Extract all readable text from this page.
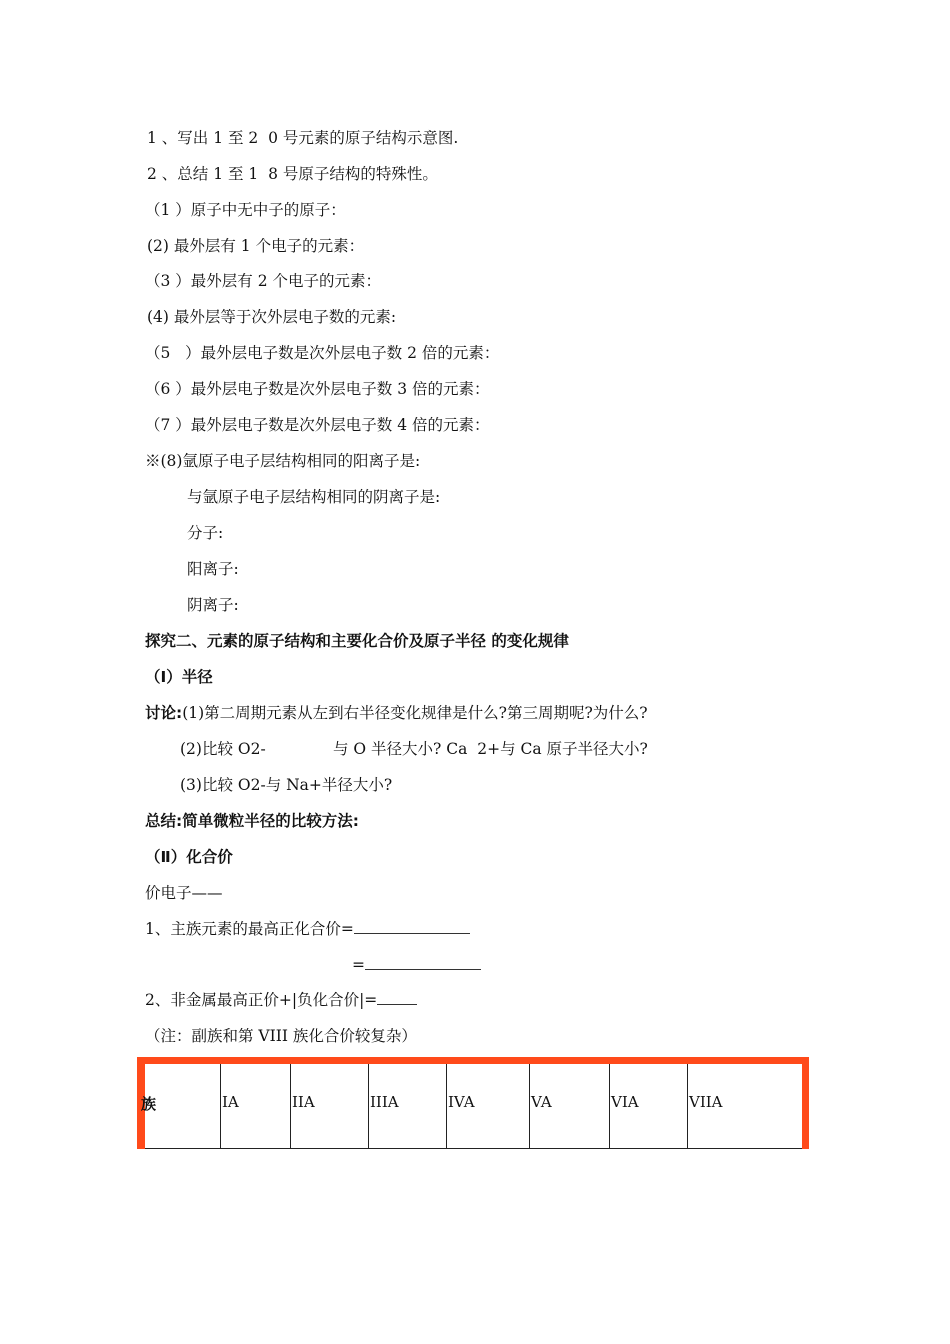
1 、写出 1 至 2  0 号元素的原子结构示意图.
2 、总结 1 至 1  8 号原子结构的特殊性。
（1 ）原子中无中子的原子：
(2) 最外层有 1 个电子的元素：
（3 ）最外层有 2 个电子的元素：
(4) 最外层等于次外层电子数的元素:
（5   ）最外层电子数是次外层电子数 2 倍的元素：
（6 ）最外层电子数是次外层电子数 3 倍的元素：
（7 ）最外层电子数是次外层电子数 4 倍的元素：
※(8)氩原子电子层结构相同的阳离子是:
与氩原子电子层结构相同的阴离子是:
分子:
阳离子:
阴离子:
探究二、元素的原子结构和主要化合价及原子半径 的变化规律
（Ⅰ）半径
讨论:(1)第二周期元素从左到右半径变化规律是什么?第三周期呢?为什么?
(2)比较 O2-	与 O 半径大小? Ca  2+与 Ca 原子半径大小?
(3)比较 O2-与 Na+半径大小?
总结:简单微粒半径的比较方法:
（Ⅱ）化合价
价电子——
1、主族元素的最高正化合价=
=
2、非金属最高正价+|负化合价|=
（注：副族和第 VIII 族化合价较复杂）
族	IA	IIA	IIIA	IVA	VA	VIA	VIIA
